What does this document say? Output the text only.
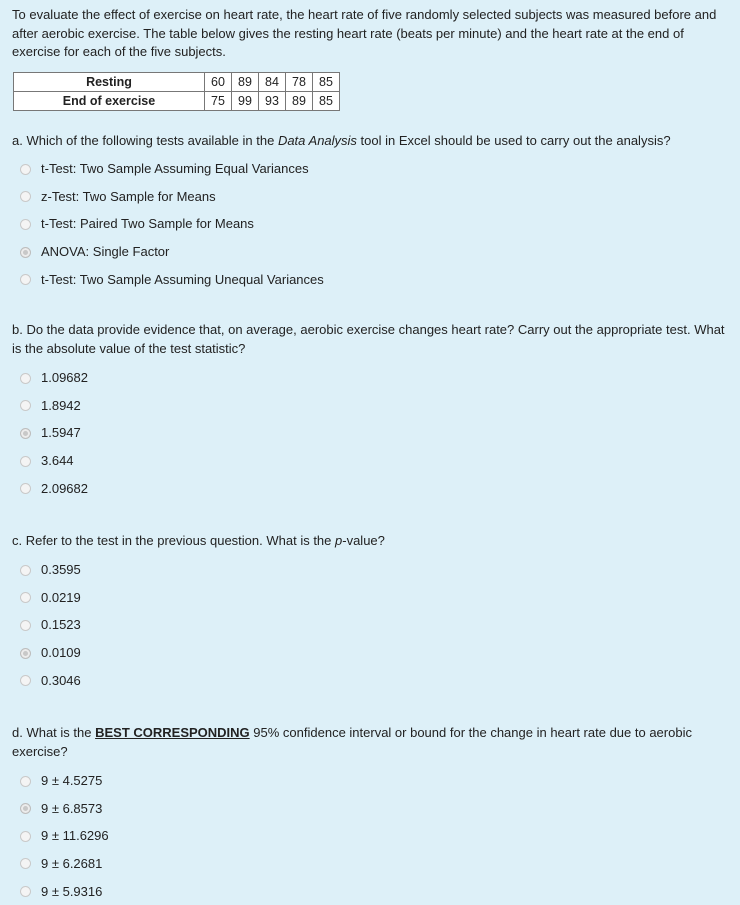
To evaluate the effect of exercise on heart rate, the heart rate of five randomly selected subjects was measured before and after aerobic exercise. The table below gives the resting heart rate (beats per minute) and the heart rate at the end of exercise for each of the five subjects.

Resting	60	89	84	78	85
End of exercise	75	99	93	89	85

a. Which of the following tests available in the Data Analysis tool in Excel should be used to carry out the analysis?

t-Test: Two Sample Assuming Equal Variances
z-Test: Two Sample for Means
t-Test: Paired Two Sample for Means
ANOVA: Single Factor
t-Test: Two Sample Assuming Unequal Variances

b. Do the data provide evidence that, on average, aerobic exercise changes heart rate? Carry out the appropriate test. What is the absolute value of the test statistic?

1.09682
1.8942
1.5947
3.644
2.09682

c. Refer to the test in the previous question. What is the p-value?

0.3595
0.0219
0.1523
0.0109
0.3046

d. What is the BEST CORRESPONDING 95% confidence interval or bound for the change in heart rate due to aerobic exercise?

9 ± 4.5275
9 ± 6.8573
9 ± 11.6296
9 ± 6.2681
9 ± 5.9316
